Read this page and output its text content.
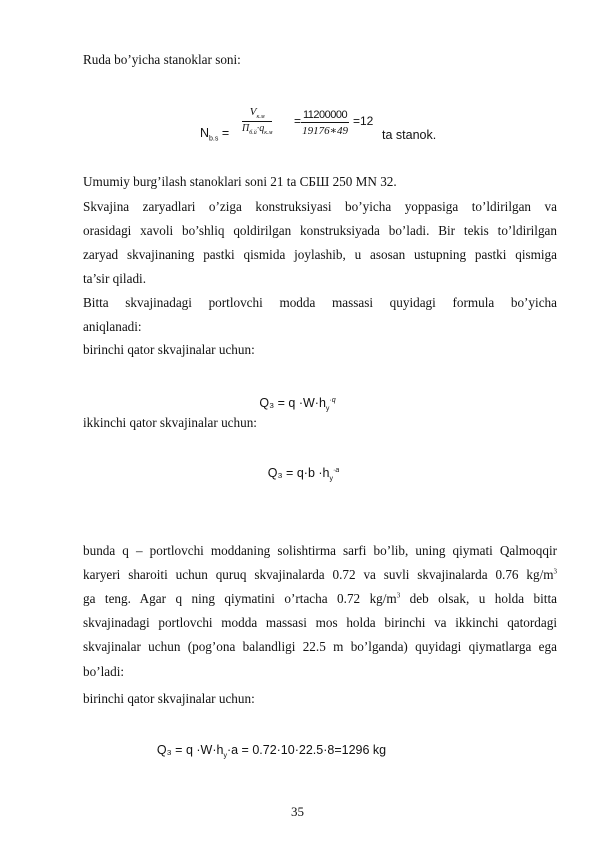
Ruda bo’yicha stanoklar soni:
$N_{b.s}$ =
$V_{к.м}$
$П_{б.й}\cdot q_{к.м}$
= $\frac{11200000}{19176∗49} =12$
ta stanok.
Umumiy burg’ilash stanoklari soni 21 ta СБШ 250 MN 32.
Skvajina zaryadlari o’ziga konstruksiyasi bo’yicha yoppasiga to’ldirilgan va
orasidagi xavoli bo’shliq qoldirilgan konstruksiyada bo’ladi. Bir tekis to’ldirilgan
zaryad skvajinaning pastki qismida joylashib, u asosan ustupning pastki qismiga
ta’sir qiladi.
Bitta skvajinadagi portlovchi modda massasi quyidagi formula bo’yicha
aniqlanadi:
birinchi qator skvajinalar uchun:
$Q_3 = q \cdot W\cdot h_y^{\cdot q}$
ikkinchi qator skvajinalar uchun:
$Q_3 = q\cdot b \cdot h_y^{\cdot a}$
bunda q – portlovchi moddaning solishtirma sarfi bo’lib, uning qiymati Qalmoqqir
karyeri sharoiti uchun quruq skvajinalarda 0.72 va suvli skvajinalarda 0.76 $kg/m^3$
ga teng. Agar q ning qiymatini o’rtacha 0.72 $kg/m^3$ deb olsak, u holda bitta
skvajinadagi portlovchi modda massasi mos holda birinchi va ikkinchi qatordagi
skvajinalar uchun (pog’ona balandligi 22.5 m bo’lganda) quyidagi qiymatlarga ega
bo’ladi:
birinchi qator skvajinalar uchun:
$Q_3 = q \cdot W\cdot h_y\cdot a = 0.72\cdot 10\cdot 22.5\cdot 8=1296$ kg
35
